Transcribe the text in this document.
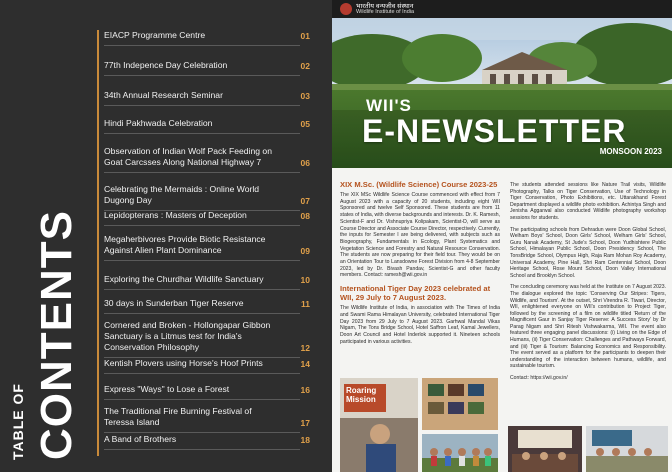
TABLE OF CONTENTS
EIACP Programme Centre	01
77th Indepence Day Celebration	02
34th Annual Research Seminar	03
Hindi Pakhwada Celebration	05
Observation of Indian Wolf Pack Feeding on Goat Carcsses Along National Highway 7	06
Celebrating the Mermaids : Online World Dugong Day	07
Lepidopterans : Masters of Deception	08
Megaherbivores Provide Biotic Resistance Against Alien Plant Dominance	09
Exploring the Churdhar Wildlife Sanctuary	10
30 days in Sunderban Tiger Reserve	11
Cornered and Broken - Hollongapar Gibbon Sanctuary is a Litmus test for India's Conservation Philosophy	12
Kentish Plovers using Horse's Hoof Prints	14
Express "Ways" to Lose a Forest	16
The Traditional Fire Burning Festival of Teressa Island	17
A Band of Brothers	18
भारतीय वन्यजीव संस्थान
Wildlife Institute of India
WII'S
E-NEWSLETTER
MONSOON 2023
XIX M.Sc. (Wildlife Science) Course 2023-25
The XIX MSc Wildlife Science Course commenced with effect from 7 August 2023 with a capacity of 20 students, including eight WII Sponsored and twelve Self Sponsored. These students are from 11 states of India, with diverse backgrounds and interests. Dr. K. Ramesh, Scientist-F and Dr. Vishnupriya Kolipakam, Scientist-D, will serve as Course Director and Associate Course Director, respectively. Currently, the inputs for Semester I are being delivered, with subjects such as Biogeography, Fundamentals in Ecology, Plant Systematics and Vegetation Science and Forestry and Natural Resource Conservation. The students are now preparing for their field tour. They would be on an Orientation Tour to Lansdowne Forest Division from 4-8 September 2023, led by Dr. Bivash Pandav, Scientist-G and other faculty members. Contact: ramesh@wii.gov.in
International Tiger Day 2023 celebrated at WII, 29 July to 7 August 2023.
The Wildlife Institute of India, in association with The Times of India and Swami Rama Himalayan University, celebrated International Tiger Day 2023 from 29 July to 7 August 2023. Garhwal Mandal Vikas Nigam, The Tons Bridge School, Hotel Saffron Leaf, Kamal Jewellers, Doon Art Council and Hotel Inderlok supported it. Nineteen schools participated in various activities.
The students attended sessions like Nature Trail visits, Wildlife Photography, Talks on Tiger Conservation, Use of Technology in Tiger Conservation, Photo Exhibitions, etc. Uttarakhand Forest Department displayed a wildlife photo exhibition. Achintya Singh and Jenisha Aggarwal also conducted Wildlife photography workshop sessions for students.
The participating schools from Dehradun were Doon Global School, Welham Boys' School, Doon Girls' School, Welham Girls' School, Guru Nanak Academy, St Jude's School, Doon Yudhishtere Public School, Himalayan Public School, Doon Presidency School, The TonsBridge School, Olympus High, Raja Ram Mohan Roy Academy, Universal Academy, Pine Hall, Shri Ram Centennial School, Doon Heritage School, Rose Mount School, Doon Valley International School and Brooklyn School.
The concluding ceremony was held at the Institute on 7 August 2023. The dialogue explored the topic 'Conserving Our Stripes: Tigers, Wildlife, and Tourism'. At the outset, Shri Virendra R. Tiwari, Director, WII, enlightened everyone on WII's contribution to Project Tiger, followed by the screening of a film on wildlife titled 'Return of the Magnificent Gaur in Sanjay Tiger Reserve: A Success Story' by Dr Parag Nigam and Shri Ritesh Vishwakarma, WII. The event also featured three engaging panel discussions: (i) Living on the Edge of Humans, (ii) Tiger Conservation: Challenges and Pathways Forward, and (iii) Tiger & Tourism: Balancing Economics and Responsibility. The event served as a platform for the participants to deepen their understanding of the interaction between humans, wildlife, and sustainable tourism.
Contact: https://wii.gov.in/
Roaring Mission
